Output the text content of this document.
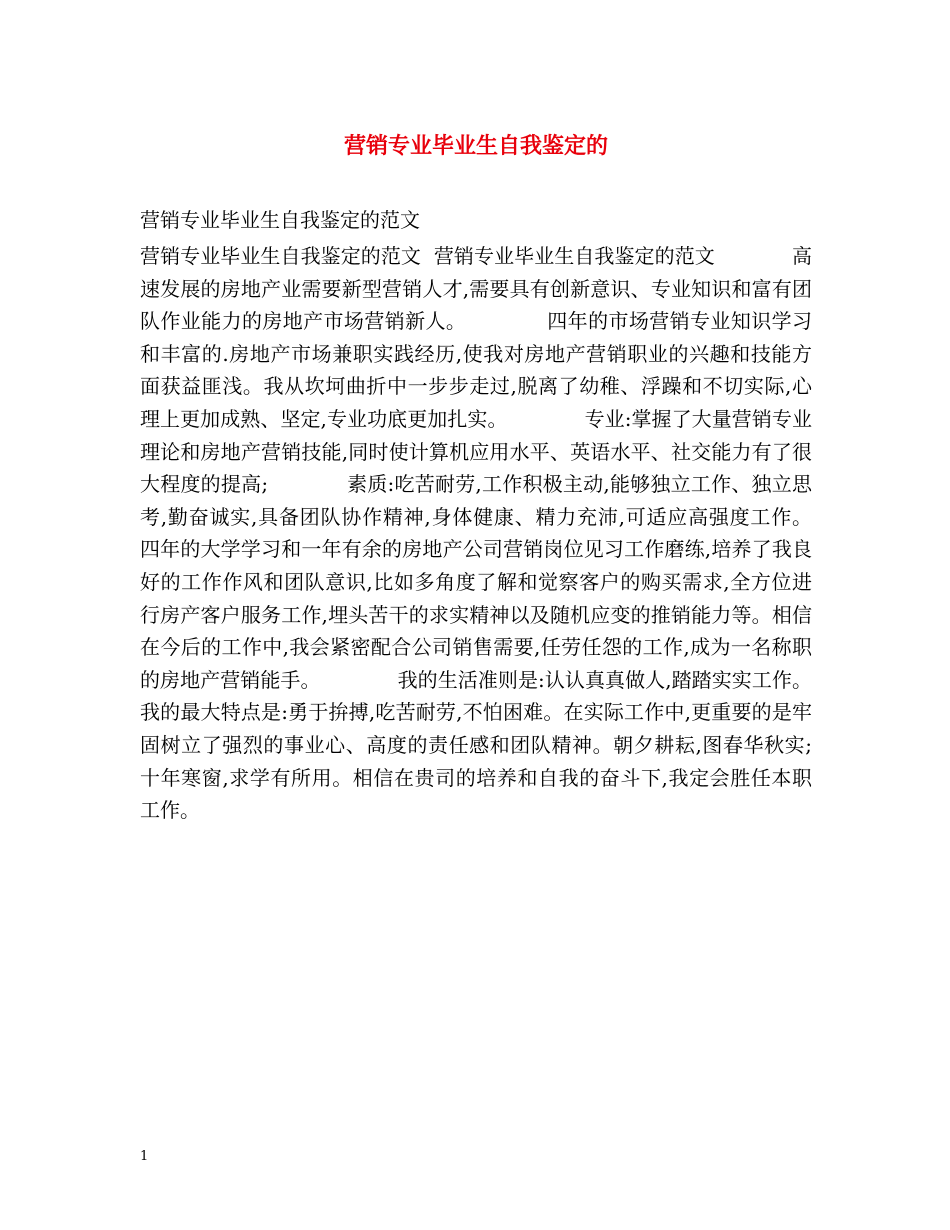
营销专业毕业生自我鉴定的
营销专业毕业生自我鉴定的范文
营销专业毕业生自我鉴定的范文  营销专业毕业生自我鉴定的范文            高速发展的房地产业需要新型营销人才,需要具有创新意识、专业知识和富有团队作业能力的房地产市场营销新人。            四年的市场营销专业知识学习和丰富的.房地产市场兼职实践经历,使我对房地产营销职业的兴趣和技能方面获益匪浅。我从坎坷曲折中一步步走过,脱离了幼稚、浮躁和不切实际,心理上更加成熟、坚定,专业功底更加扎实。            专业:掌握了大量营销专业理论和房地产营销技能,同时使计算机应用水平、英语水平、社交能力有了很大程度的提高;            素质:吃苦耐劳,工作积极主动,能够独立工作、独立思考,勤奋诚实,具备团队协作精神,身体健康、精力充沛,可适应高强度工作。            四年的大学学习和一年有余的房地产公司营销岗位见习工作磨练,培养了我良好的工作作风和团队意识,比如多角度了解和觉察客户的购买需求,全方位进行房产客户服务工作,埋头苦干的求实精神以及随机应变的推销能力等。相信在今后的工作中,我会紧密配合公司销售需要,任劳任怨的工作,成为一名称职的房地产营销能手。            我的生活准则是:认认真真做人,踏踏实实工作。我的最大特点是:勇于拚搏,吃苦耐劳,不怕困难。在实际工作中,更重要的是牢固树立了强烈的事业心、高度的责任感和团队精神。朝夕耕耘,图春华秋实;十年寒窗,求学有所用。相信在贵司的培养和自我的奋斗下,我定会胜任本职工作。
1
